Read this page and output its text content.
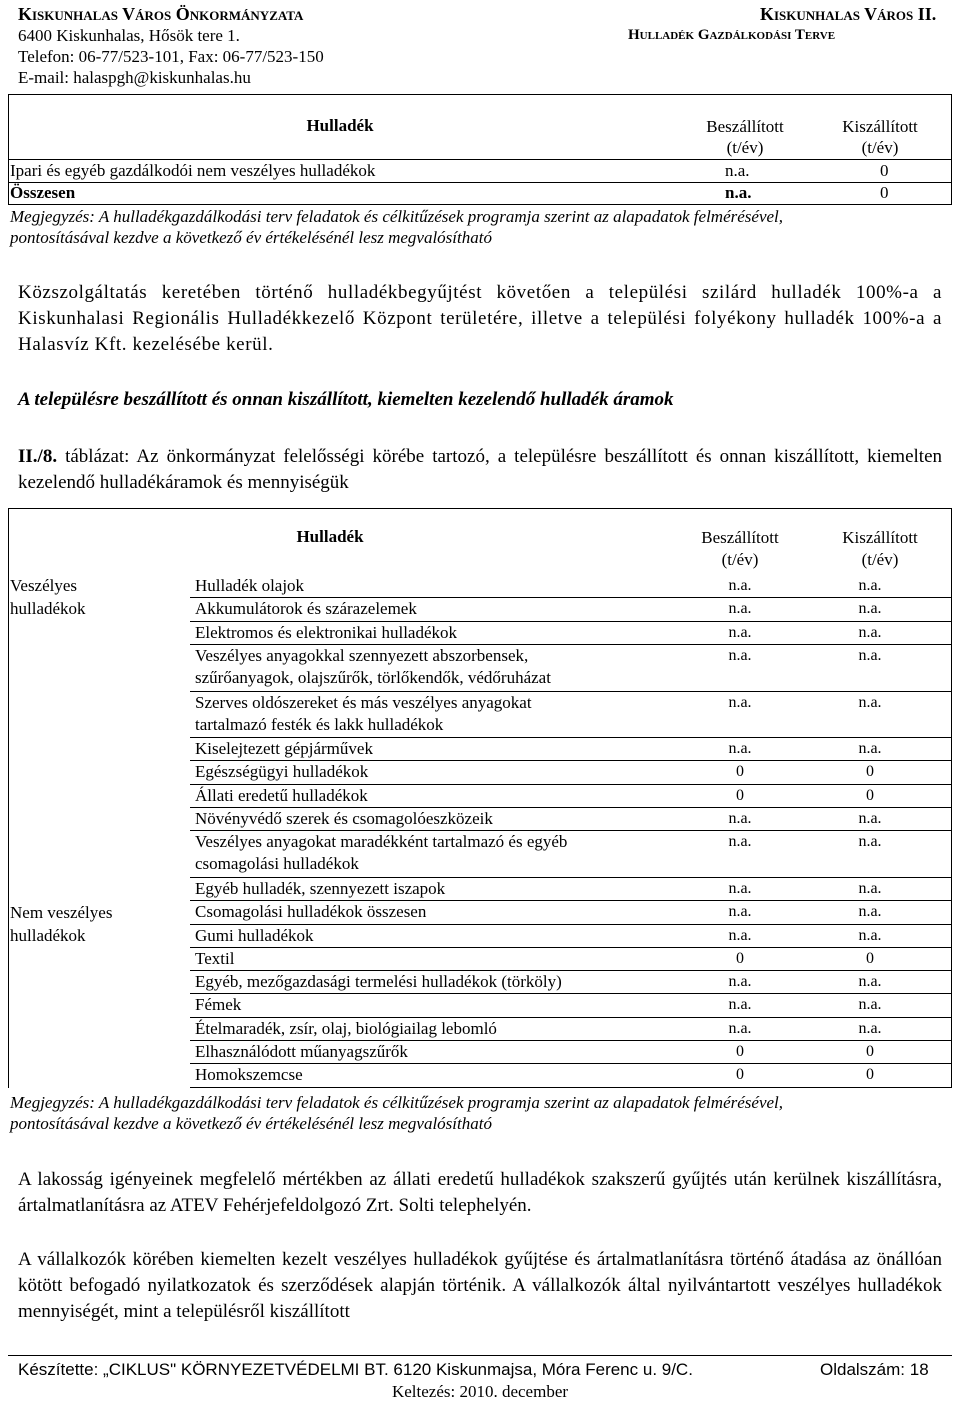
Kiskunhalas Város Önkormányzata
6400 Kiskunhalas, Hősök tere 1.
Telefon: 06-77/523-101, Fax: 06-77/523-150
E-mail: halaspgh@kiskunhalas.hu
Kiskunhalas Város II.
Hulladék Gazdálkodási Terve
Hulladék	Beszállított
(t/év)
Kiszállított
(t/év)
Ipari és egyéb gazdálkodói nem veszélyes hulladékok	n.a.	0
Összesen	n.a.	0
Megjegyzés: A hulladékgazdálkodási terv feladatok és célkitűzések programja szerint az alapadatok felmérésével,
pontosításával kezdve a következő év értékelésénél lesz megvalósítható
Közszolgáltatás keretében történő hulladékbegyűjtést követően a települési szilárd hulladék 100%-a a Kiskunhalasi Regionális Hulladékkezelő Központ területére, illetve a települési folyékony hulladék 100%-a a Halasvíz Kft. kezelésébe kerül.
A településre beszállított és onnan kiszállított, kiemelten kezelendő hulladék áramok
II./8. táblázat: Az önkormányzat felelősségi körébe tartozó, a településre beszállított és onnan kiszállított, kiemelten kezelendő hulladékáramok és mennyiségük
Hulladék	Beszállított
(t/év)
Kiszállított
(t/év)
Veszélyes
hulladékok
Nem veszélyes
hulladékok
Hulladék olajok	n.a.	n.a.
Akkumulátorok és szárazelemek	n.a.	n.a.
Elektromos és elektronikai hulladékok	n.a.	n.a.
Veszélyes anyagokkal szennyezett abszorbensek,
szűrőanyagok, olajszűrők, törlőkendők, védőruházat
n.a.	n.a.
Szerves oldószereket és más veszélyes anyagokat
tartalmazó festék és lakk hulladékok
n.a.	n.a.
Kiselejtezett gépjárművek	n.a.	n.a.
Egészségügyi hulladékok	0	0
Állati eredetű hulladékok	0	0
Növényvédő szerek és csomagolóeszközeik	n.a.	n.a.
Veszélyes anyagokat maradékként tartalmazó és egyéb
csomagolási hulladékok
n.a.	n.a.
Egyéb hulladék, szennyezett iszapok	n.a.	n.a.
Csomagolási hulladékok összesen	n.a.	n.a.
Gumi hulladékok	n.a.	n.a.
Textil	0	0
Egyéb, mezőgazdasági termelési hulladékok (törköly)	n.a.	n.a.
Fémek	n.a.	n.a.
Ételmaradék, zsír, olaj, biológiailag lebomló	n.a.	n.a.
Elhasználódott műanyagszűrők	0	0
Homokszemcse	0	0
Megjegyzés: A hulladékgazdálkodási terv feladatok és célkitűzések programja szerint az alapadatok felmérésével,
pontosításával kezdve a következő év értékelésénél lesz megvalósítható
A lakosság igényeinek megfelelő mértékben az állati eredetű hulladékok szakszerű gyűjtés után kerülnek kiszállításra, ártalmatlanításra az ATEV Fehérjefeldolgozó Zrt. Solti telephelyén.
A vállalkozók körében kiemelten kezelt veszélyes hulladékok gyűjtése és ártalmatlanításra történő átadása az önállóan kötött befogadó nyilatkozatok és szerződések alapján történik. A vállalkozók által nyilvántartott veszélyes hulladékok mennyiségét, mint a településről kiszállított
Készítette: „CIKLUS" KÖRNYEZETVÉDELMI BT. 6120 Kiskunmajsa, Móra Ferenc u. 9/C.	Oldalszám: 18
Keltezés: 2010. december
